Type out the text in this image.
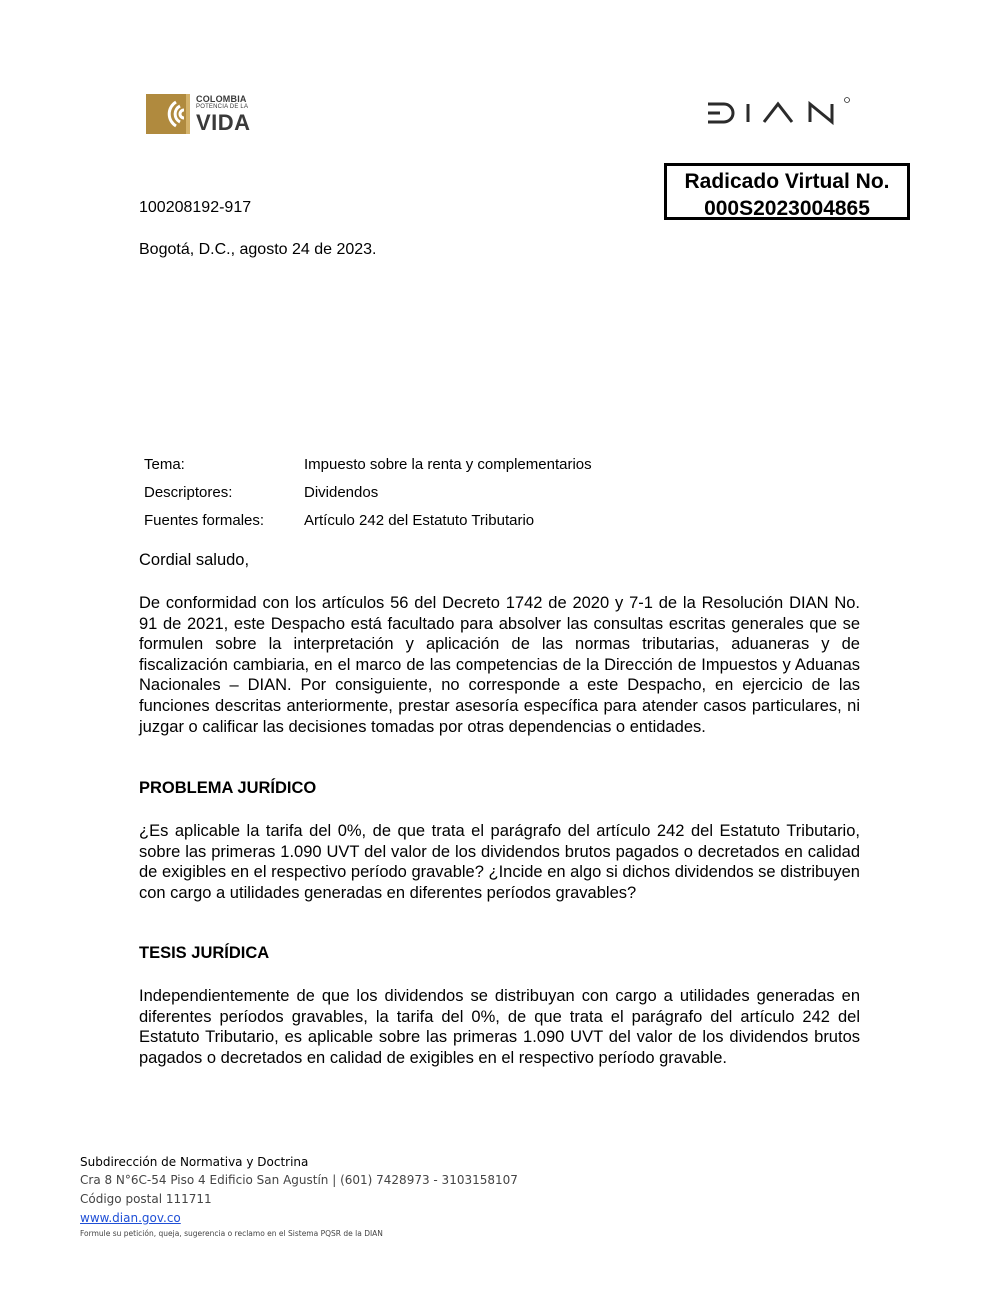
COLOMBIA
POTENCIA DE LA
VIDA
Radicado Virtual No.
000S2023004865
100208192-917
Bogotá, D.C., agosto 24 de 2023.
Tema:	Impuesto sobre la renta y complementarios
Descriptores:	Dividendos
Fuentes formales:	Artículo 242 del Estatuto Tributario
Cordial saludo,
De conformidad con los artículos 56 del Decreto 1742 de 2020 y 7-1 de la Resolución DIAN No. 91 de 2021, este Despacho está facultado para absolver las consultas escritas generales que se formulen sobre la interpretación y aplicación de las normas tributarias, aduaneras y de fiscalización cambiaria, en el marco de las competencias de la Dirección de Impuestos y Aduanas Nacionales – DIAN. Por consiguiente, no corresponde a este Despacho, en ejercicio de las funciones descritas anteriormente, prestar asesoría específica para atender casos particulares, ni juzgar o calificar las decisiones tomadas por otras dependencias o entidades.
PROBLEMA JURÍDICO
¿Es aplicable la tarifa del 0%, de que trata el parágrafo del artículo 242 del Estatuto Tributario, sobre las primeras 1.090 UVT del valor de los dividendos brutos pagados o decretados en calidad de exigibles en el respectivo período gravable? ¿Incide en algo si dichos dividendos se distribuyen con cargo a utilidades generadas en diferentes períodos gravables?
TESIS JURÍDICA
Independientemente de que los dividendos se distribuyan con cargo a utilidades generadas en diferentes períodos gravables, la tarifa del 0%, de que trata el parágrafo del artículo 242 del Estatuto Tributario, es aplicable sobre las primeras 1.090 UVT del valor de los dividendos brutos pagados o decretados en calidad de exigibles en el respectivo período gravable.
Subdirección de Normativa y Doctrina
Cra 8 N°6C-54 Piso 4 Edificio San Agustín | (601) 7428973 - 3103158107
Código postal 111711
www.dian.gov.co
Formule su petición, queja, sugerencia o reclamo en el Sistema PQSR de la DIAN
